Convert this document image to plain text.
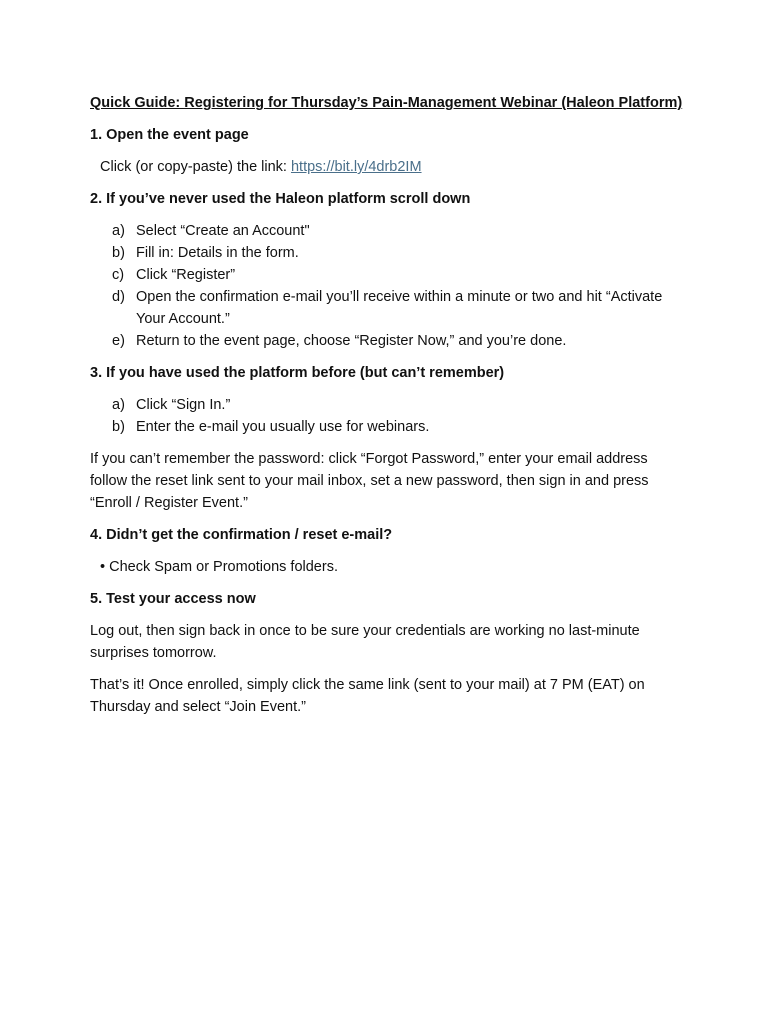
Quick Guide: Registering for Thursday’s Pain-Management Webinar (Haleon Platform)
1. Open the event page
Click (or copy-paste) the link: https://bit.ly/4drb2IM
2. If you’ve never used the Haleon platform scroll down
a) Select “Create an Account"
b) Fill in: Details in the form.
c) Click “Register”
d) Open the confirmation e-mail you’ll receive within a minute or two and hit “Activate Your Account.”
e) Return to the event page, choose “Register Now,” and you’re done.
3. If you have used the platform before (but can’t remember)
a) Click “Sign In.”
b) Enter the e-mail you usually use for webinars.
If you can’t remember the password: click “Forgot Password,” enter your email address follow the reset link sent to your mail inbox, set a new password, then sign in and press “Enroll / Register Event.”
4. Didn’t get the confirmation / reset e-mail?
• Check Spam or Promotions folders.
5. Test your access now
Log out, then sign back in once to be sure your credentials are working no last-minute surprises tomorrow.
That’s it! Once enrolled, simply click the same link (sent to your mail) at 7 PM (EAT) on Thursday and select “Join Event.”
